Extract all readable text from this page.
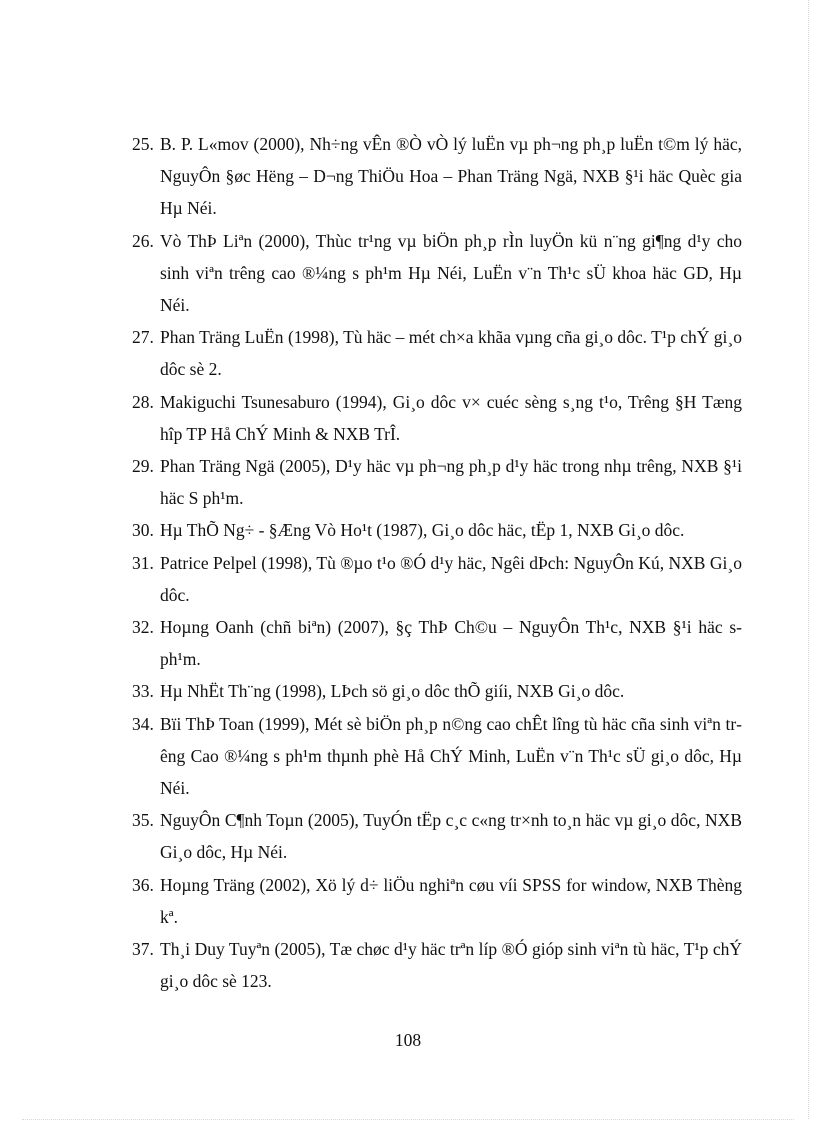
25. B. P. L«mov (2000), Nh÷ng vÊn ®Ò vÒ lý luËn vµ ph¬ng ph¸p luËn t©m lý häc, NguyÔn §øc Hëng – D¬ng ThiÖu Hoa – Phan Träng Ngä, NXB §¹i häc Quèc gia Hµ Néi.
26. Vò ThÞ Liªn (2000), Thùc tr¹ng vµ biÖn ph¸p rÌn luyÖn kü n¨ng gi¶ng d¹y cho sinh viªn trêng cao ®¼ng s ph¹m Hµ Néi, LuËn v¨n Th¹c sÜ khoa häc GD, Hµ Néi.
27. Phan Träng LuËn (1998), Tù häc – mét ch×a khãa vµng cña gi¸o dôc. T¹p chÝ gi¸o dôc sè 2.
28. Makiguchi Tsunesaburo (1994), Gi¸o dôc v× cuéc sèng s¸ng t¹o, Trêng §H Tæng hîp TP Hå ChÝ Minh & NXB TrÎ.
29. Phan Träng Ngä (2005), D¹y häc vµ ph¬ng ph¸p d¹y häc trong nhµ trêng, NXB §¹i häc S ph¹m.
30. Hµ ThÕ Ng÷ - §Æng Vò Ho¹t (1987), Gi¸o dôc häc, tËp 1, NXB Gi¸o dôc.
31. Patrice Pelpel (1998), Tù ®µo t¹o ®Ó d¹y häc, Ngêi dÞch: NguyÔn Kú, NXB Gi¸o dôc.
32. Hoµng Oanh (chñ biªn) (2007), §ç ThÞ Ch©u – NguyÔn Th¹c, NXB §¹i häc s ph¹m.
33. Hµ NhËt Th¨ng (1998), LÞch sö gi¸o dôc thÕ giíi, NXB Gi¸o dôc.
34. Bïi ThÞ Toan (1999), Mét sè biÖn ph¸p n©ng cao chÊt lîng tù häc cña sinh viªn trêng Cao ®¼ng s ph¹m thµnh phè Hå ChÝ Minh, LuËn v¨n Th¹c sÜ gi¸o dôc, Hµ Néi.
35. NguyÔn C¶nh Toµn (2005), TuyÓn tËp c¸c c«ng tr×nh to¸n häc vµ gi¸o dôc, NXB Gi¸o dôc, Hµ Néi.
36. Hoµng Träng (2002), Xö lý d÷ liÖu nghiªn cøu víi SPSS for window, NXB Thèng kª.
37. Th¸i Duy Tuyªn (2005), Tæ chøc d¹y häc trªn líp ®Ó gióp sinh viªn tù häc, T¹p chÝ gi¸o dôc sè 123.
108
